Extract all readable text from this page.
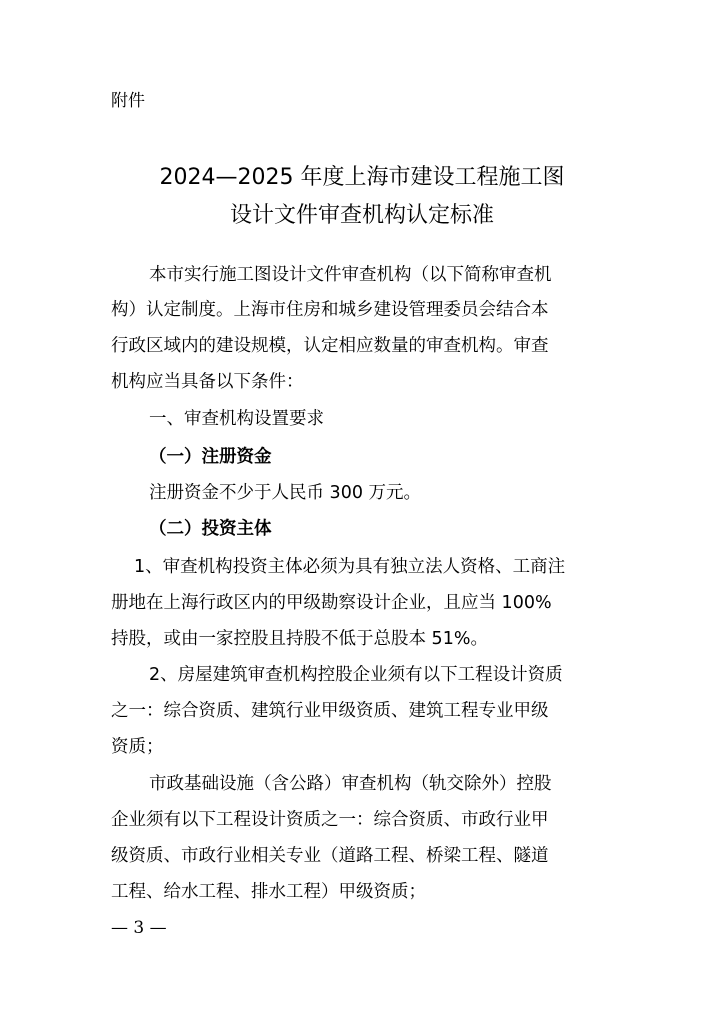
附件
2024—2025 年度上海市建设工程施工图
设计文件审查机构认定标准
本市实行施工图设计文件审查机构（以下简称审查机
构）认定制度。上海市住房和城乡建设管理委员会结合本
行政区域内的建设规模，认定相应数量的审查机构。审查
机构应当具备以下条件：
一、审查机构设置要求
（一）注册资金
注册资金不少于人民币 300 万元。
（二）投资主体
1、审查机构投资主体必须为具有独立法人资格、工商注
册地在上海行政区内的甲级勘察设计企业，且应当 100%
持股，或由一家控股且持股不低于总股本 51%。
2、房屋建筑审查机构控股企业须有以下工程设计资质
之一：综合资质、建筑行业甲级资质、建筑工程专业甲级
资质；
市政基础设施（含公路）审查机构（轨交除外）控股
企业须有以下工程设计资质之一：综合资质、市政行业甲
级资质、市政行业相关专业（道路工程、桥梁工程、隧道
工程、给水工程、排水工程）甲级资质；
— 3 —
